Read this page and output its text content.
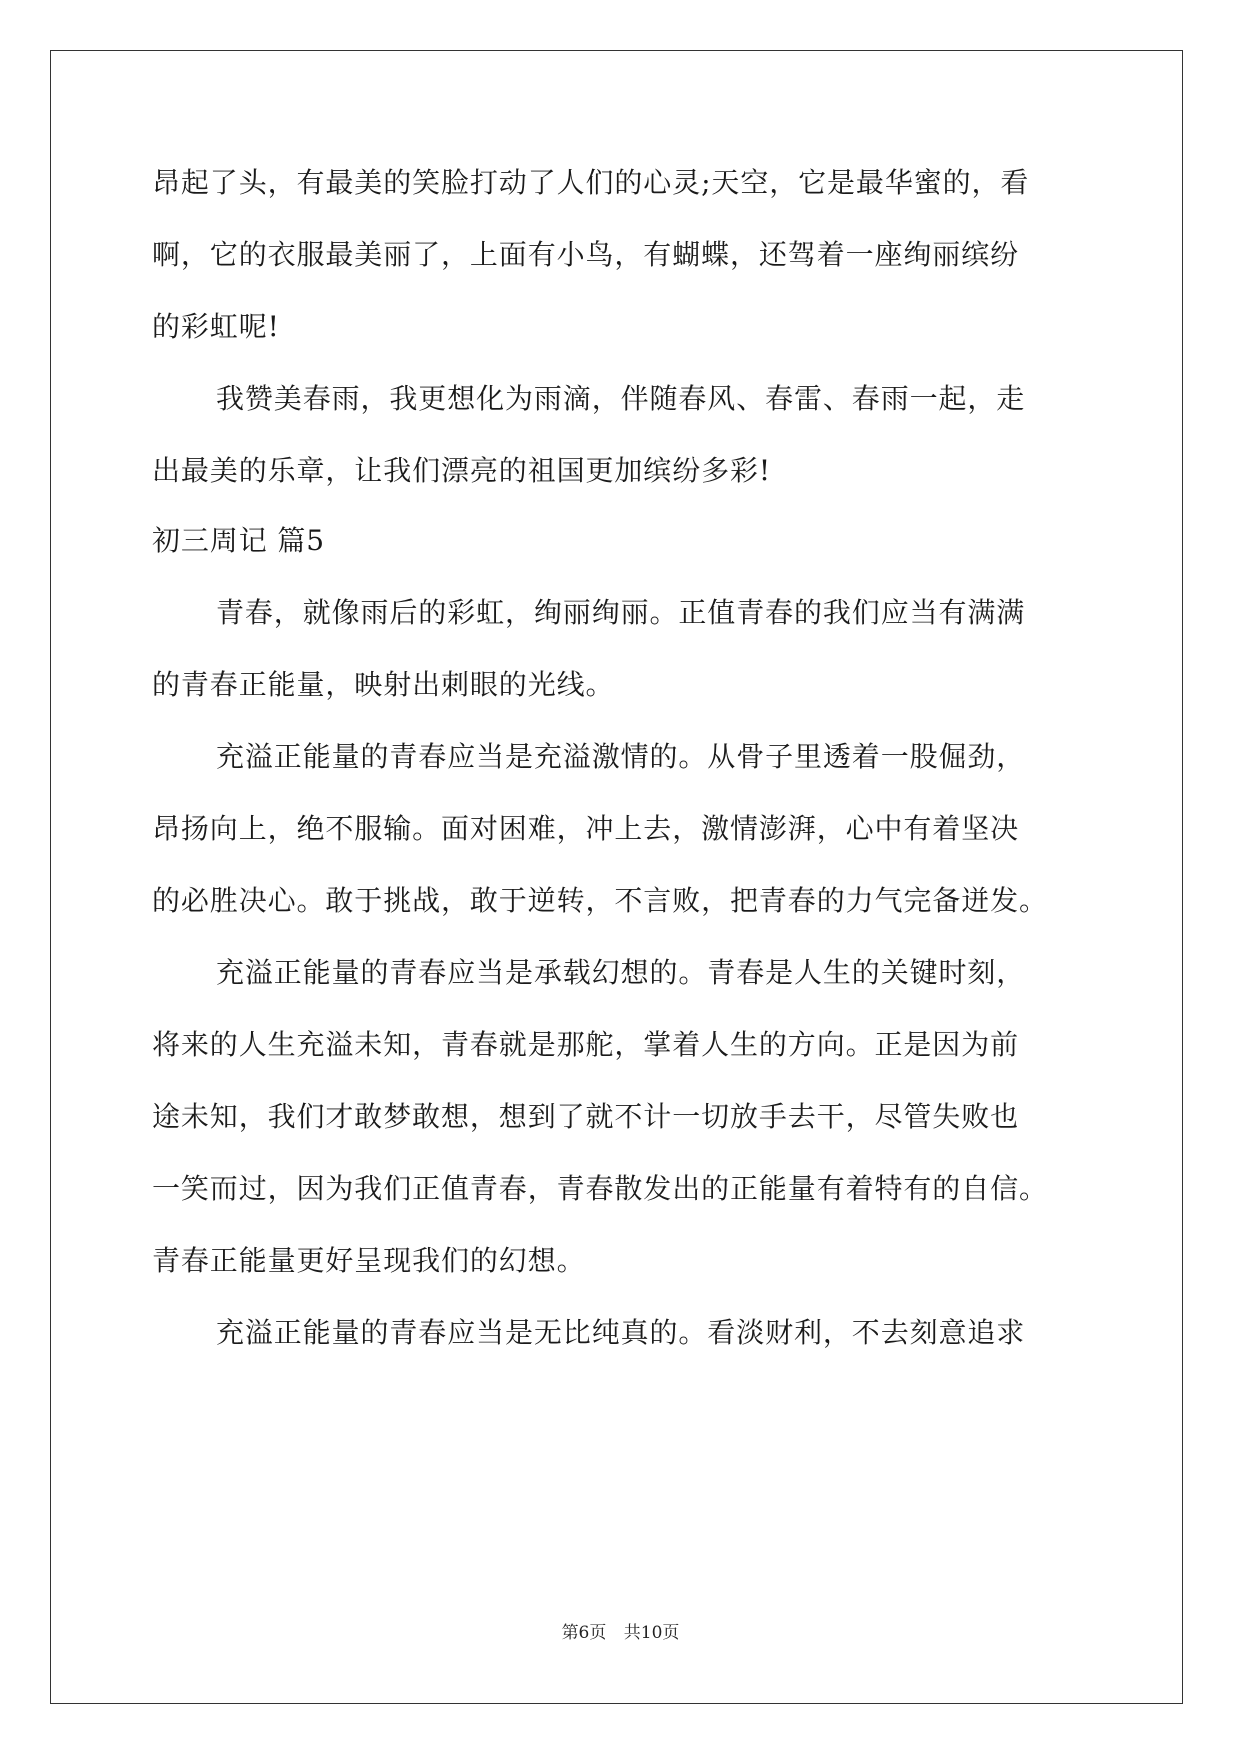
昂起了头，有最美的笑脸打动了人们的心灵;天空，它是最华蜜的，看
啊，它的衣服最美丽了，上面有小鸟，有蝴蝶，还驾着一座绚丽缤纷
的彩虹呢!
我赞美春雨，我更想化为雨滴，伴随春风、春雷、春雨一起，走
出最美的乐章，让我们漂亮的祖国更加缤纷多彩!
初三周记 篇5
青春，就像雨后的彩虹，绚丽绚丽。正值青春的我们应当有满满
的青春正能量，映射出刺眼的光线。
充溢正能量的青春应当是充溢激情的。从骨子里透着一股倔劲，
昂扬向上，绝不服输。面对困难，冲上去，激情澎湃，心中有着坚决
的必胜决心。敢于挑战，敢于逆转，不言败，把青春的力气完备迸发。
充溢正能量的青春应当是承载幻想的。青春是人生的关键时刻，
将来的人生充溢未知，青春就是那舵，掌着人生的方向。正是因为前
途未知，我们才敢梦敢想，想到了就不计一切放手去干，尽管失败也
一笑而过，因为我们正值青春，青春散发出的正能量有着特有的自信。
青春正能量更好呈现我们的幻想。
充溢正能量的青春应当是无比纯真的。看淡财利，不去刻意追求
第6页 共10页
